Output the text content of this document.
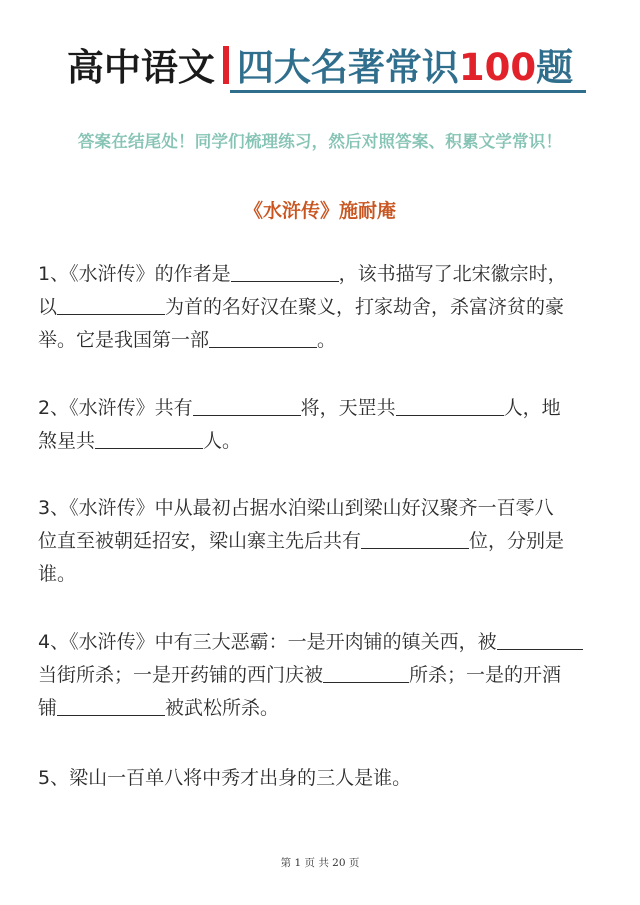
高中语文 四大名著常识100题
答案在结尾处！同学们梳理练习，然后对照答案、积累文学常识！
《水浒传》施耐庵

1、《水浒传》的作者是	，该书描写了北宋徽宗时，

以	为首的名好汉在聚义，打家劫舍，杀富济贫的豪

举。它是我国第一部	。

2、《水浒传》共有	将，天罡共	人，地

煞星共	人。

3、《水浒传》中从最初占据水泊梁山到梁山好汉聚齐一百零八

位直至被朝廷招安，梁山寨主先后共有	位，分别是

谁。

4、《水浒传》中有三大恶霸：一是开肉铺的镇关西，被

当街所杀；一是开药铺的西门庆被	所杀；一是的开酒

铺	被武松所杀。

5、梁山一百单八将中秀才出身的三人是谁。

第 1 页 共 20 页
